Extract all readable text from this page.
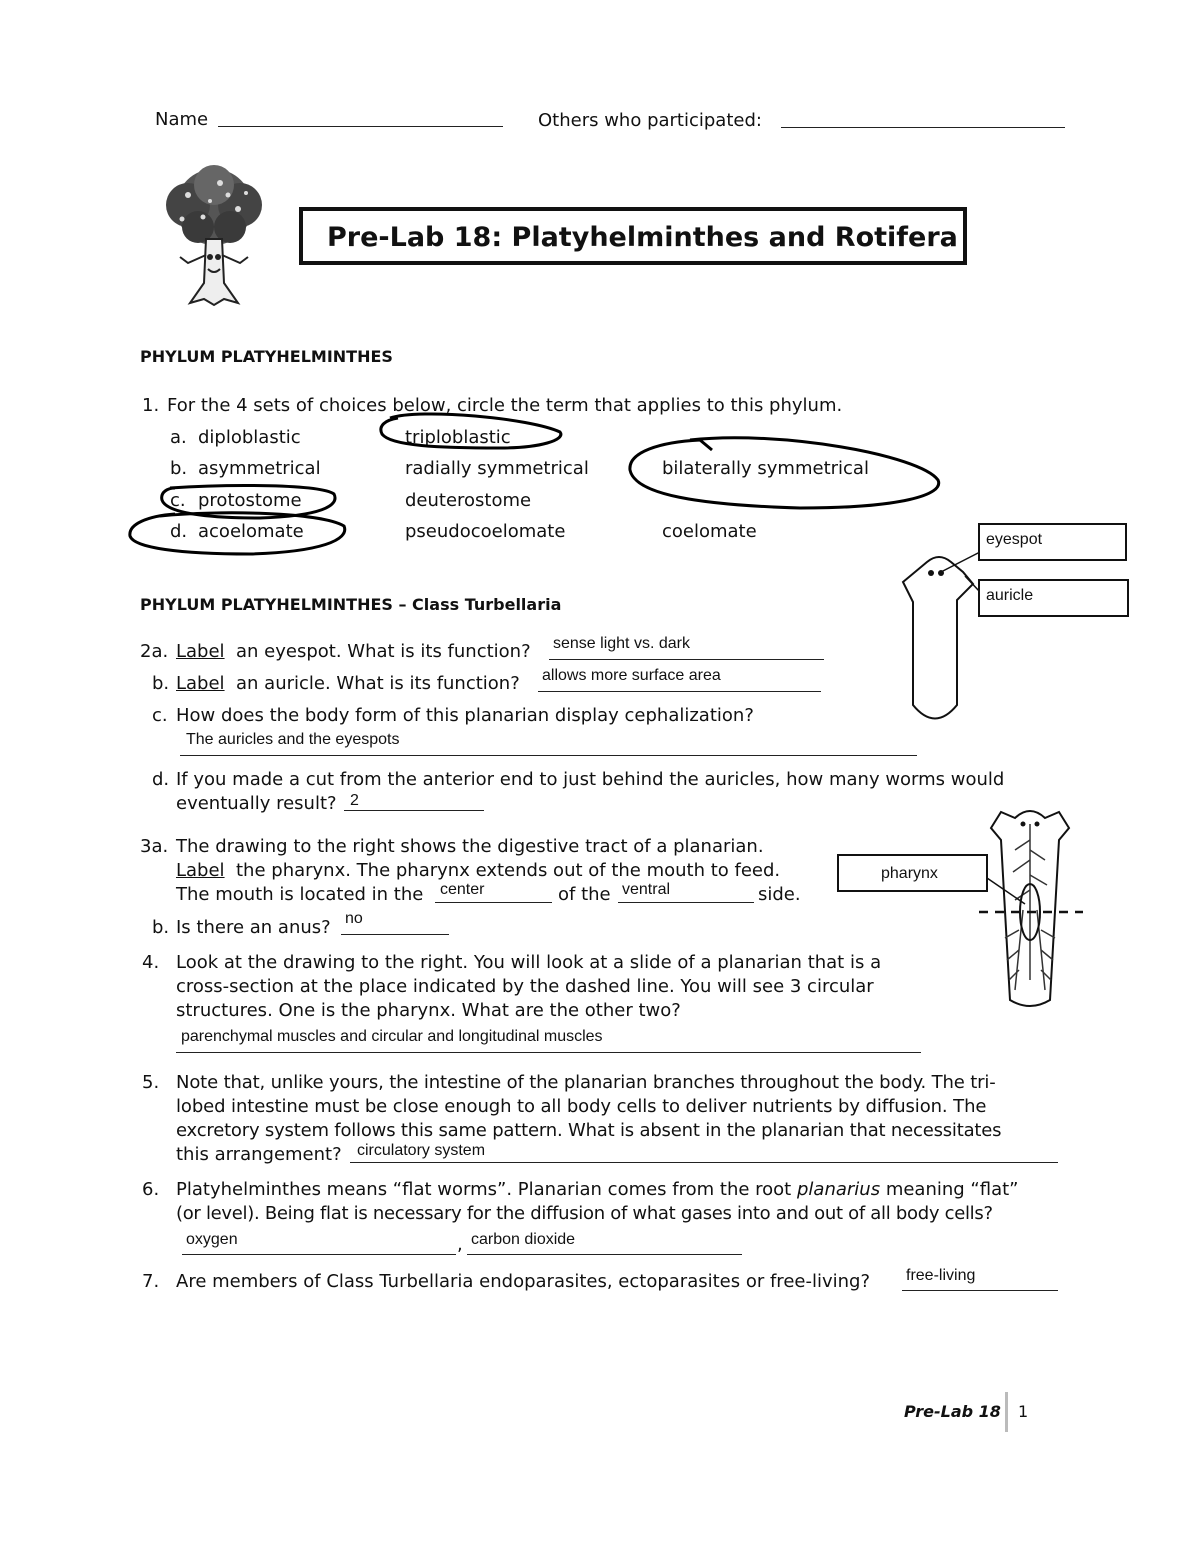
Name	Others who participated:
Pre-Lab 18: Platyhelminthes and Rotifera
PHYLUM PLATYHELMINTHES
1. For the 4 sets of choices below, circle the term that applies to this phylum.
a. diploblastic	triploblastic
b. asymmetrical	radially symmetrical	bilaterally symmetrical
c. protostome	deuterostome
d. acoelomate	pseudocoelomate	coelomate
PHYLUM PLATYHELMINTHES – Class Turbellaria
eyespot
auricle
2a. Label an eyespot. What is its function? sense light vs. dark
b. Label an auricle. What is its function? allows more surface area
c. How does the body form of this planarian display cephalization?
The auricles and the eyespots
d. If you made a cut from the anterior end to just behind the auricles, how many worms would
eventually result? 2
pharynx
3a. The drawing to the right shows the digestive tract of a planarian.
Label the pharynx. The pharynx extends out of the mouth to feed.
The mouth is located in the center	of the ventral	side.
b. Is there an anus? no
4. Look at the drawing to the right. You will look at a slide of a planarian that is a
cross-section at the place indicated by the dashed line. You will see 3 circular
structures. One is the pharynx. What are the other two?
parenchymal muscles and circular and longitudinal muscles
5. Note that, unlike yours, the intestine of the planarian branches throughout the body. The tri-
lobed intestine must be close enough to all body cells to deliver nutrients by diffusion. The
excretory system follows this same pattern. What is absent in the planarian that necessitates
this arrangement? circulatory system
6. Platyhelminthes means “flat worms”. Planarian comes from the root planarius meaning “flat”
(or level). Being flat is necessary for the diffusion of what gases into and out of all body cells?
oxygen	, carbon dioxide
7. Are members of Class Turbellaria endoparasites, ectoparasites or free-living? free-living
Pre-Lab 18 1
